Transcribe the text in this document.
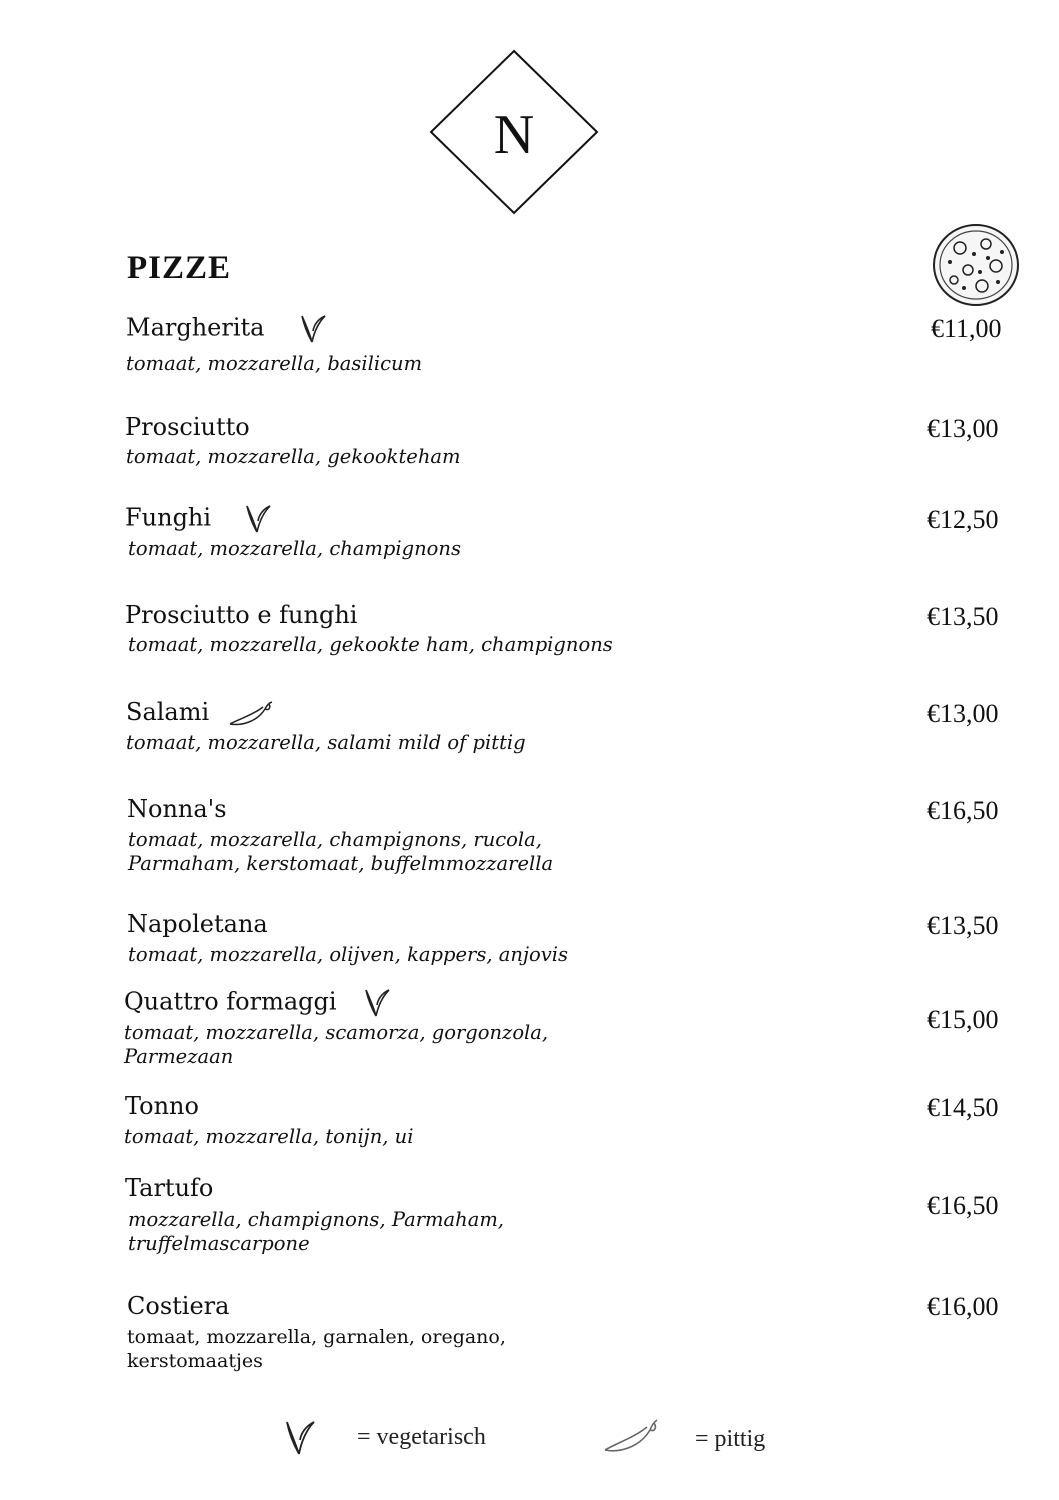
N
PIZZE
Margherita
tomaat, mozzarella, basilicum
€11,00
Prosciutto
tomaat, mozzarella, gekookteham
€13,00
Funghi
tomaat, mozzarella, champignons
€12,50
Prosciutto e funghi
tomaat, mozzarella, gekookte ham, champignons
€13,50
Salami
tomaat, mozzarella, salami mild of pittig
€13,00
Nonna's
tomaat, mozzarella, champignons, rucola,
Parmaham, kerstomaat, buffelmmozzarella
€16,50
Napoletana
tomaat, mozzarella, olijven, kappers, anjovis
€13,50
Quattro formaggi
tomaat, mozzarella, scamorza, gorgonzola,
Parmezaan
€15,00
Tonno
tomaat, mozzarella, tonijn, ui
€14,50
Tartufo
mozzarella, champignons, Parmaham,
truffelmascarpone
€16,50
Costiera
tomaat, mozzarella, garnalen, oregano,
kerstomaatjes
€16,00
= vegetarisch	= pittig
